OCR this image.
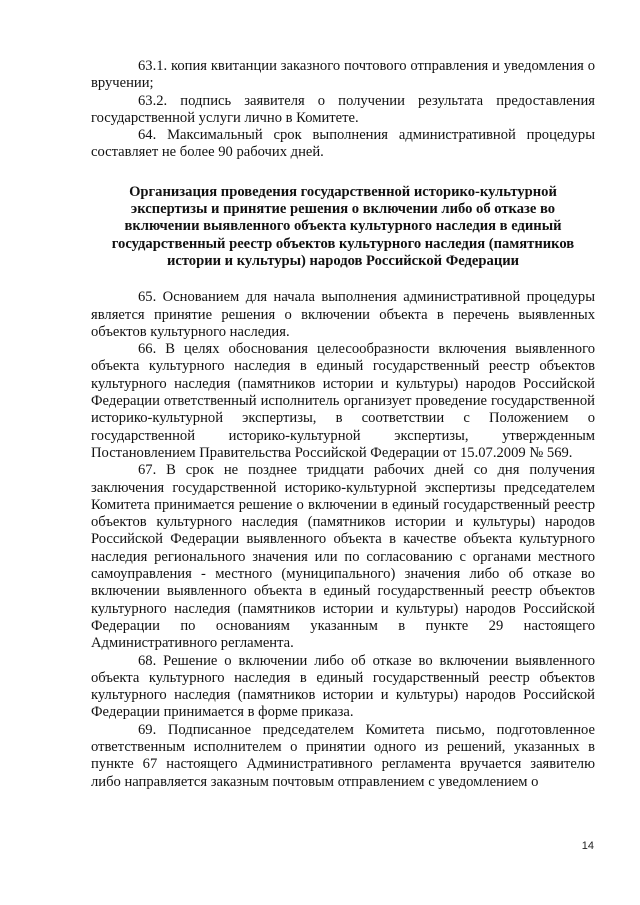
63.1. копия квитанции заказного почтового отправления и уведомления о вручении;

63.2. подпись заявителя о получении результата предоставления государственной услуги лично в Комитете.

64. Максимальный срок выполнения административной процедуры составляет не более 90 рабочих дней.

Организация проведения государственной историко-культурной
экспертизы и принятие решения о включении либо об отказе во
включении выявленного объекта культурного наследия в единый
государственный реестр объектов культурного наследия (памятников
истории и культуры) народов Российской Федерации

65. Основанием для начала выполнения административной процедуры является принятие решения о включении объекта в перечень выявленных объектов культурного наследия.

66. В целях обоснования целесообразности включения выявленного объекта культурного наследия в единый государственный реестр объектов культурного наследия (памятников истории и культуры) народов Российской Федерации ответственный исполнитель организует проведение государственной историко-культурной экспертизы, в соответствии с Положением о государственной историко-культурной экспертизы, утвержденным Постановлением Правительства Российской Федерации от 15.07.2009 № 569.

67. В срок не позднее тридцати рабочих дней со дня получения заключения государственной историко-культурной экспертизы председателем Комитета принимается решение о включении в единый государственный реестр объектов культурного наследия (памятников истории и культуры) народов Российской Федерации выявленного объекта в качестве объекта культурного наследия регионального значения или по согласованию с органами местного самоуправления - местного (муниципального) значения либо об отказе во включении выявленного объекта в единый государственный реестр объектов культурного наследия (памятников истории и культуры) народов Российской Федерации по основаниям указанным в пункте 29 настоящего Административного регламента.

68. Решение о включении либо об отказе во включении выявленного объекта культурного наследия в единый государственный реестр объектов культурного наследия (памятников истории и культуры) народов Российской Федерации принимается в форме приказа.

69. Подписанное председателем Комитета письмо, подготовленное ответственным исполнителем о принятии одного из решений, указанных в пункте 67 настоящего Административного регламента вручается заявителю либо направляется заказным почтовым отправлением с уведомлением о

14
